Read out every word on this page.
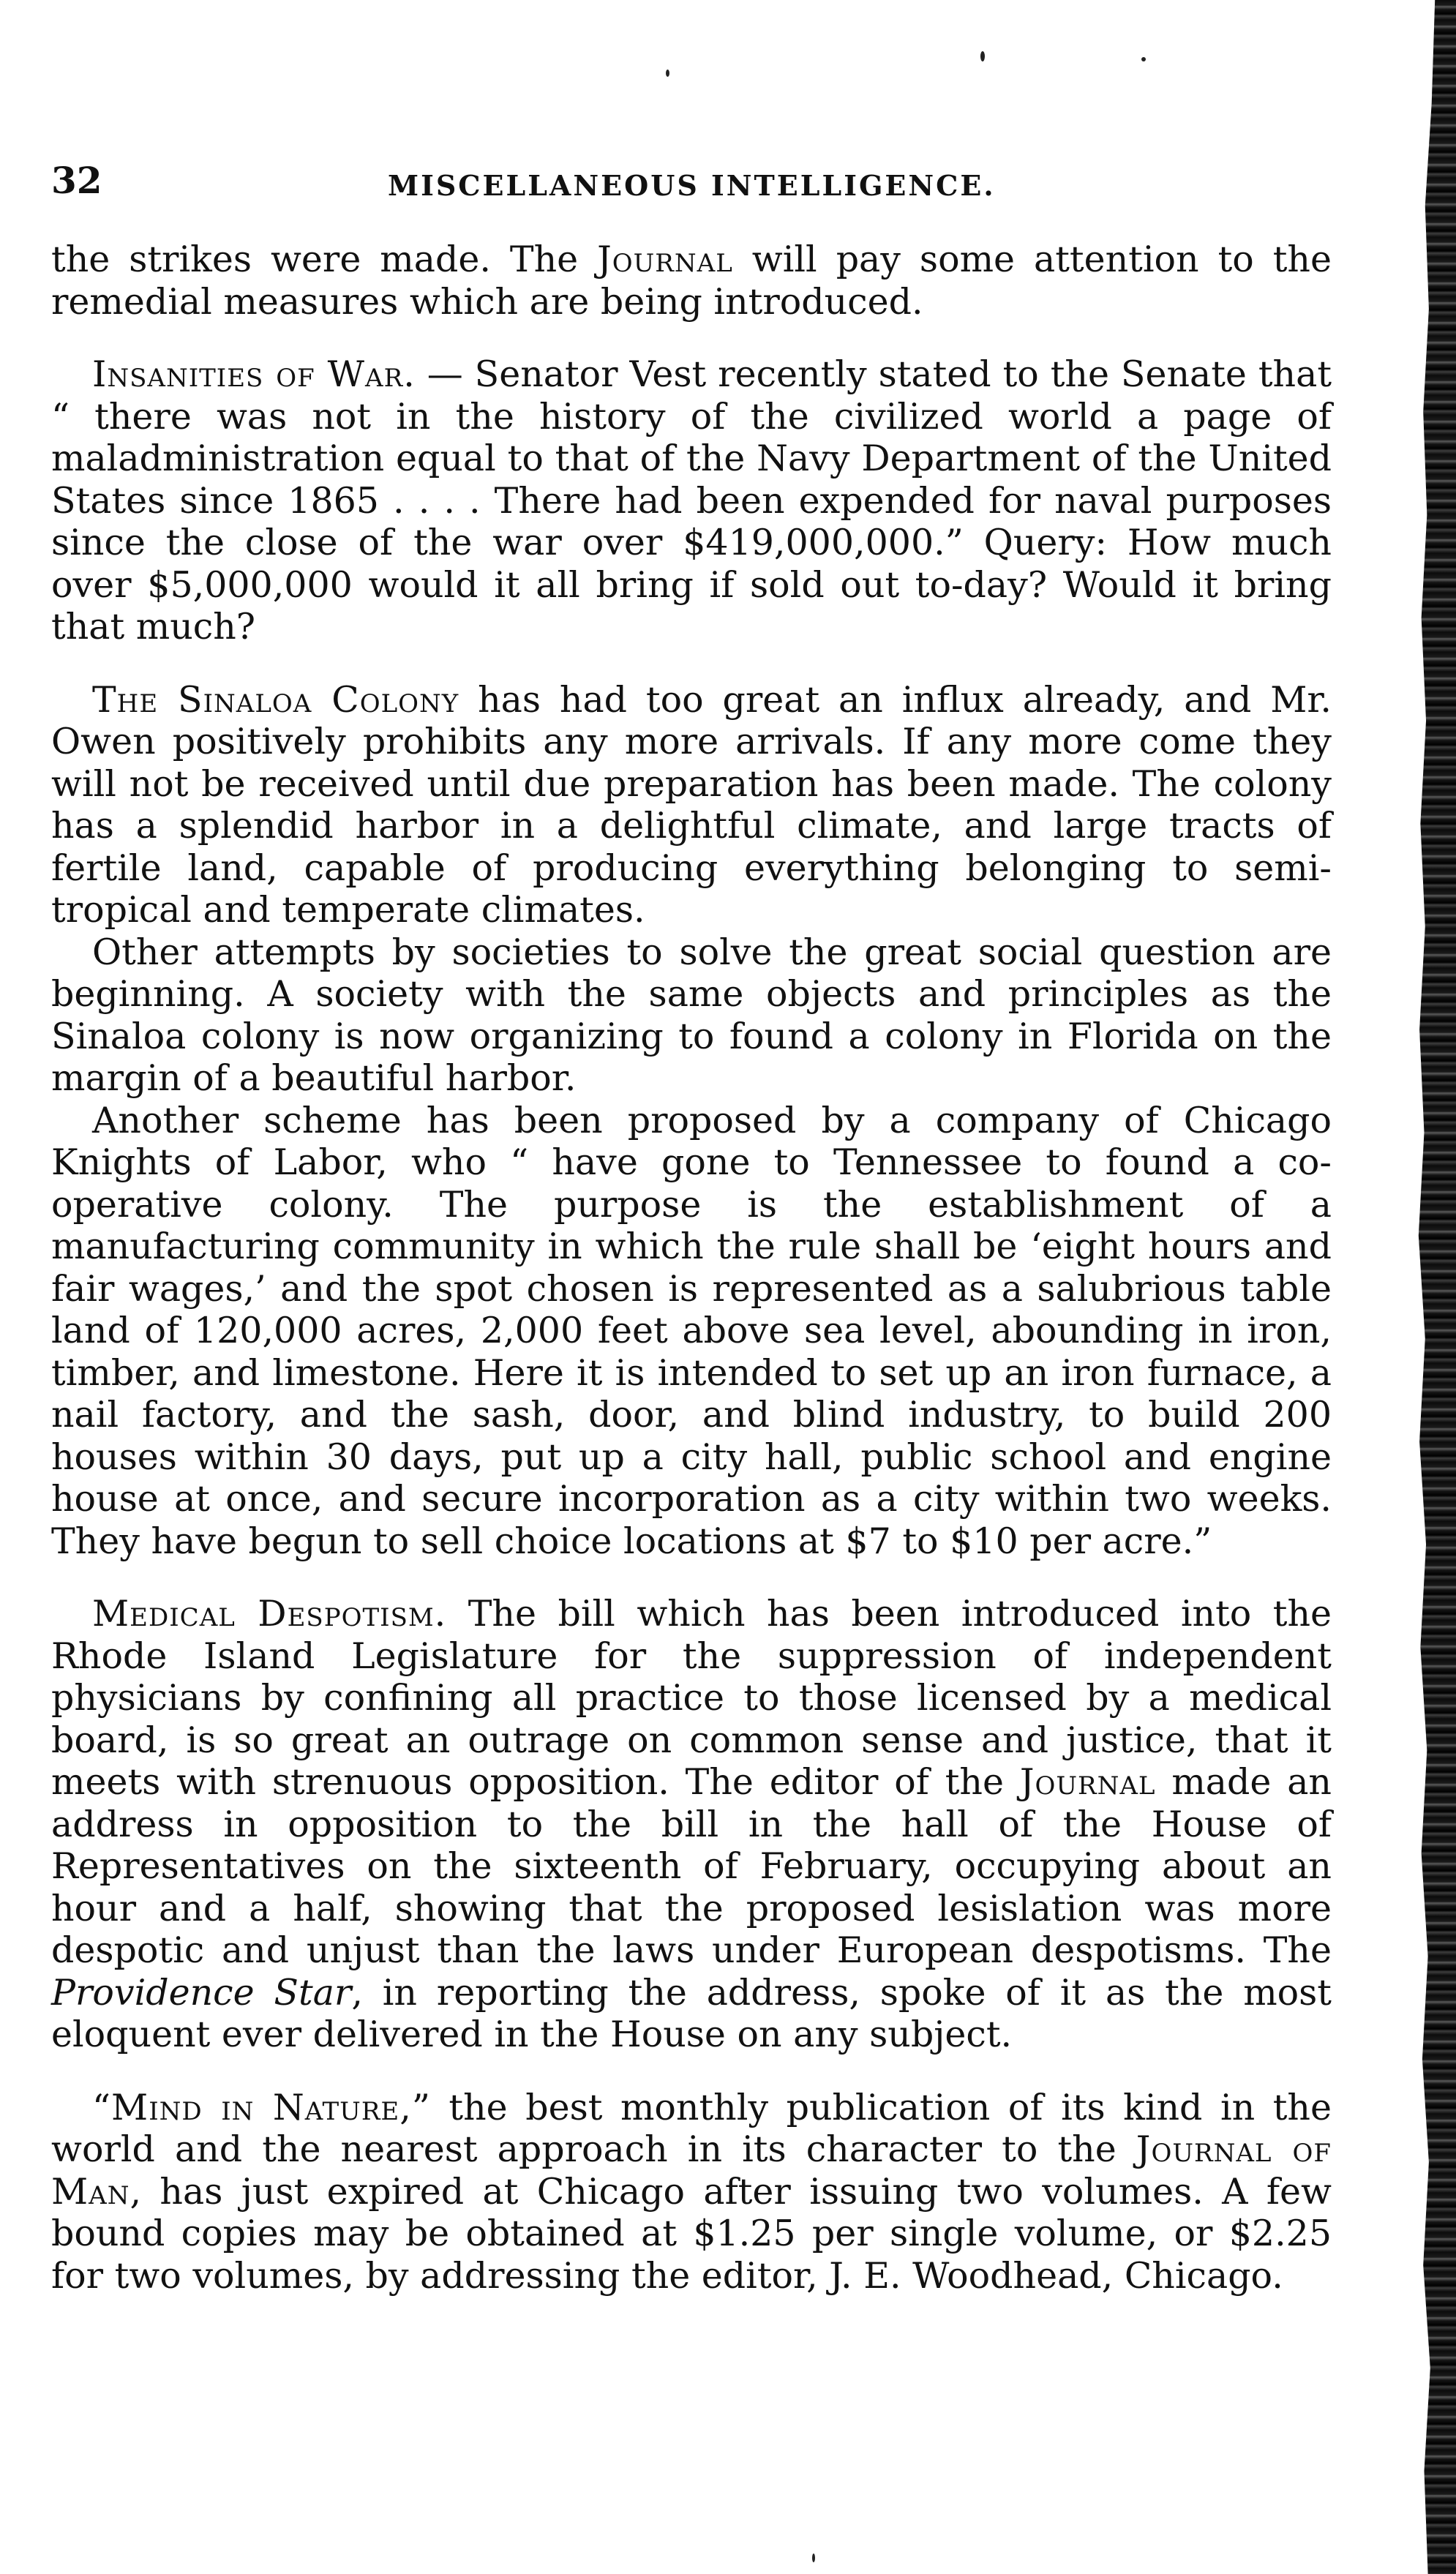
32	MISCELLANEOUS INTELLIGENCE.

the strikes were made. The Journal will pay some attention to the remedial measures which are being introduced.

Insanities of War. — Senator Vest recently stated to the Senate that “ there was not in the history of the civilized world a page of maladministration equal to that of the Navy Department of the United States since 1865 . . . . There had been expended for naval purposes since the close of the war over $419,000,000.” Query: How much over $5,000,000 would it all bring if sold out to-day? Would it bring that much?

The Sinaloa Colony has had too great an influx already, and Mr. Owen positively prohibits any more arrivals. If any more come they will not be received until due preparation has been made. The colony has a splendid harbor in a delightful climate, and large tracts of fertile land, capable of producing everything belonging to semi-tropical and temperate climates.

Other attempts by societies to solve the great social question are beginning. A society with the same objects and principles as the Sinaloa colony is now organizing to found a colony in Florida on the margin of a beautiful harbor.

Another scheme has been proposed by a company of Chicago Knights of Labor, who “ have gone to Tennessee to found a co-operative colony. The purpose is the establishment of a manufacturing community in which the rule shall be ‘eight hours and fair wages,’ and the spot chosen is represented as a salubrious table land of 120,000 acres, 2,000 feet above sea level, abounding in iron, timber, and limestone. Here it is intended to set up an iron furnace, a nail factory, and the sash, door, and blind industry, to build 200 houses within 30 days, put up a city hall, public school and engine house at once, and secure incorporation as a city within two weeks. They have begun to sell choice locations at $7 to $10 per acre.”

Medical Despotism. The bill which has been introduced into the Rhode Island Legislature for the suppression of independent physicians by confining all practice to those licensed by a medical board, is so great an outrage on common sense and justice, that it meets with strenuous opposition. The editor of the Journal made an address in opposition to the bill in the hall of the House of Representatives on the sixteenth of February, occupying about an hour and a half, showing that the proposed lesislation was more despotic and unjust than the laws under European despotisms. The Providence Star, in reporting the address, spoke of it as the most eloquent ever delivered in the House on any subject.

“Mind in Nature,” the best monthly publication of its kind in the world and the nearest approach in its character to the Journal of Man, has just expired at Chicago after issuing two volumes. A few bound copies may be obtained at $1.25 per single volume, or $2.25 for two volumes, by addressing the editor, J. E. Woodhead, Chicago.
